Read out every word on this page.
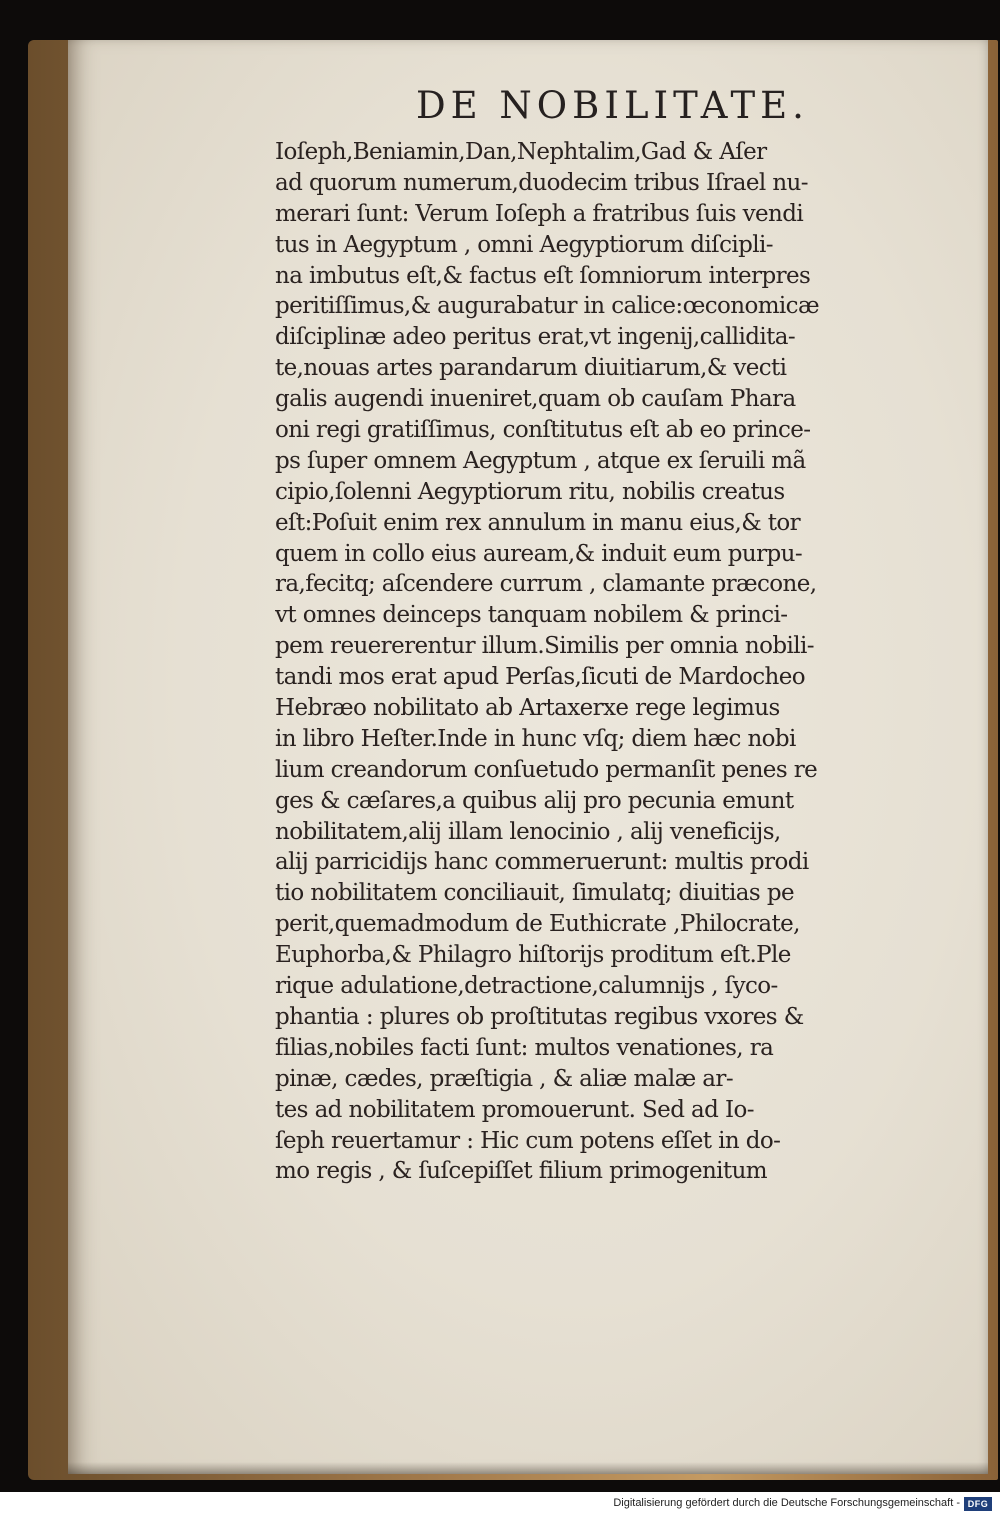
DE NOBILITATE.
Ioſeph,Beniamin,Dan,Nephtalim,Gad & Aſer
ad quorum numerum,duodecim tribus Iſrael nu-
merari ſunt: Verum Ioſeph a fratribus ſuis vendi
tus in Aegyptum , omni Aegyptiorum diſcipli-
na imbutus eſt,& factus eſt ſomniorum interpres
peritiſſimus,& augurabatur in calice:œconomicæ
diſciplinæ adeo peritus erat,vt ingenij,callidita-
te,nouas artes parandarum diuitiarum,& vecti
galis augendi inueniret,quam ob cauſam Phara
oni regi gratiſſimus, conſtitutus eſt ab eo prince-
ps ſuper omnem Aegyptum , atque ex ſeruili mã
cipio,ſolenni Aegyptiorum ritu, nobilis creatus
eſt:Poſuit enim rex annulum in manu eius,& tor
quem in collo eius auream,& induit eum purpu-
ra,fecitq; aſcendere currum , clamante præcone,
vt omnes deinceps tanquam nobilem & princi-
pem reuererentur illum.Similis per omnia nobili-
tandi mos erat apud Perſas,ſicuti de Mardocheo
Hebræo nobilitato ab Artaxerxe rege legimus
in libro Heſter.Inde in hunc vſq; diem hæc nobi
lium creandorum conſuetudo permanſit penes re
ges & cæſares,a quibus alij pro pecunia emunt
nobilitatem,alij illam lenocinio , alij veneficijs,
alij parricidijs hanc commeruerunt: multis prodi
tio nobilitatem conciliauit, ſimulatq; diuitias pe
perit,quemadmodum de Euthicrate ,Philocrate,
Euphorba,& Philagro hiſtorijs proditum eſt.Ple
rique adulatione,detractione,calumnijs , ſyco-
phantia : plures ob proſtitutas regibus vxores &
filias,nobiles facti ſunt: multos venationes, ra
pinæ, cædes, præſtigia , & aliæ malæ ar-
tes ad nobilitatem promouerunt. Sed ad Io-
ſeph reuertamur : Hic cum potens eſſet in do-
mo regis , & ſuſcepiſſet filium primogenitum
Digitalisierung gefördert durch die Deutsche Forschungsgemeinschaft - DFG
